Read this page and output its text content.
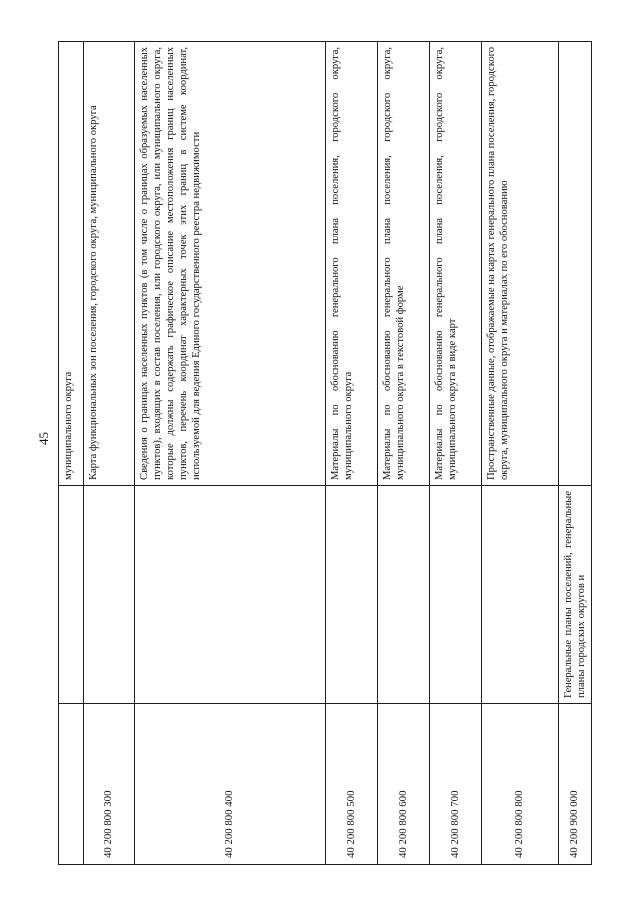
45
		муниципального округа
40 200 800 300		Карта функциональных зон поселения, городского округа, муниципального округа
40 200 800 400		Сведения о границах населенных пунктов (в том числе о границах образуемых населенных пунктов), входящих в состав поселения, или городского округа, или муниципального округа, которые должны содержать графическое описание местоположения границ населенных пунктов, перечень координат характерных точек этих границ в системе координат, используемой для ведения Единого государственного реестра недвижимости
40 200 800 500		Материалы по обоснованию генерального плана поселения, городского округа, муниципального округа
40 200 800 600		Материалы по обоснованию генерального плана поселения, городского округа, муниципального округа в текстовой форме
40 200 800 700		Материалы по обоснованию генерального плана поселения, городского округа, муниципального округа в виде карт
40 200 800 800		Пространственные данные, отображаемые на картах генерального плана поселения, городского округа, муниципального округа и материалах по его обоснованию
40 200 900 000	Генеральные планы поселений, генеральные планы городских округов и	
